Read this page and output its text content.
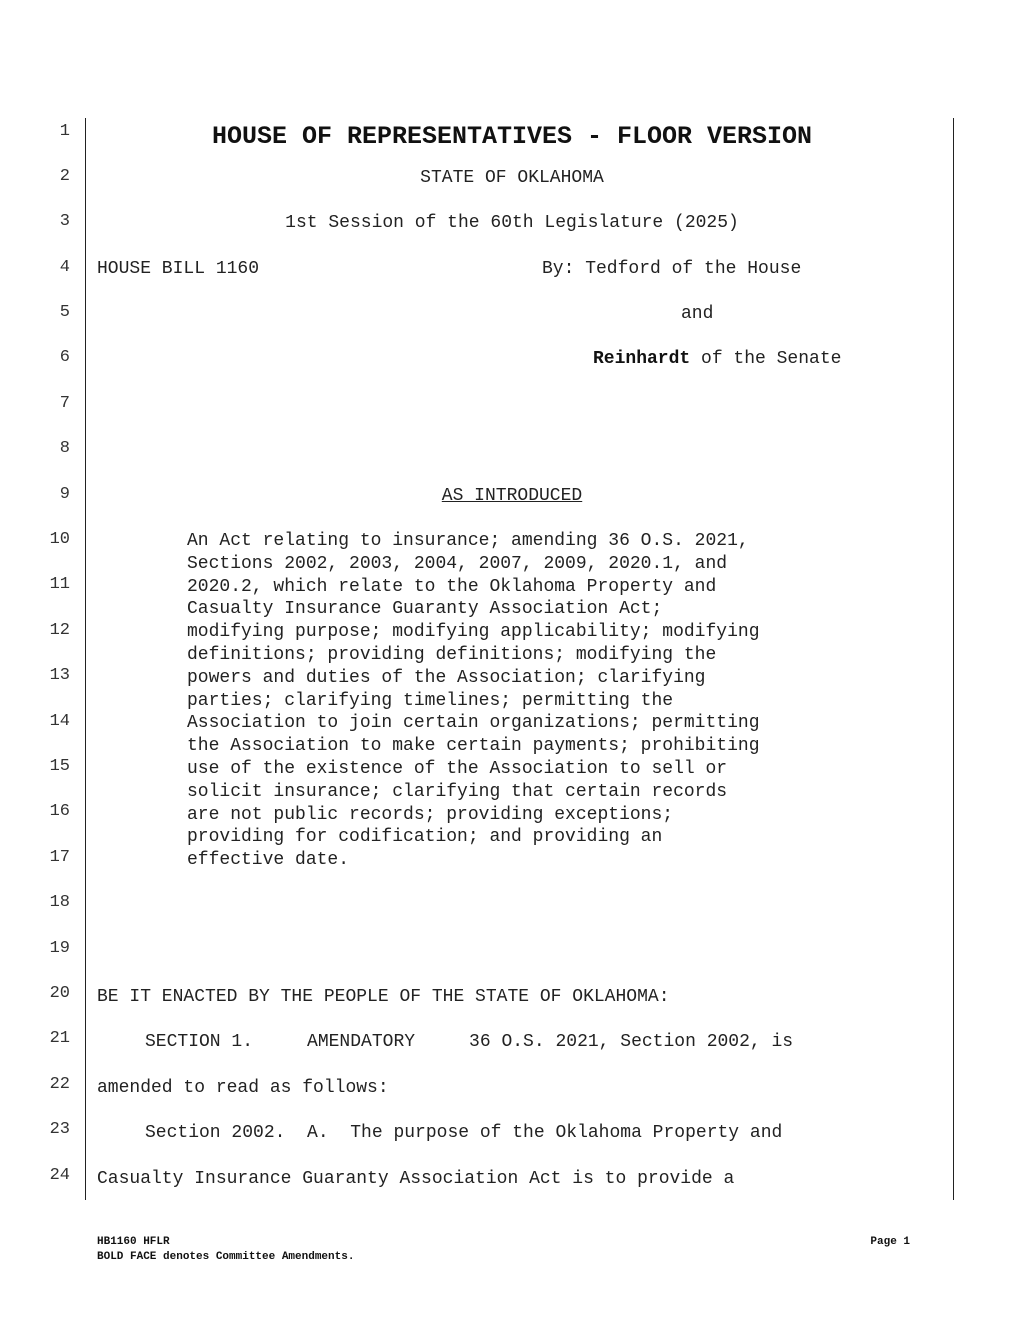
1
2
3
4
5
6
7
8
9
10
11
12
13
14
15
16
17
18
19
20
21
22
23
24
HOUSE OF REPRESENTATIVES - FLOOR VERSION
STATE OF OKLAHOMA
1st Session of the 60th Legislature (2025)
HOUSE BILL 1160	By: Tedford of the House
and
Reinhardt of the Senate
AS INTRODUCED
An Act relating to insurance; amending 36 O.S. 2021,
Sections 2002, 2003, 2004, 2007, 2009, 2020.1, and
2020.2, which relate to the Oklahoma Property and
Casualty Insurance Guaranty Association Act;
modifying purpose; modifying applicability; modifying
definitions; providing definitions; modifying the
powers and duties of the Association; clarifying
parties; clarifying timelines; permitting the
Association to join certain organizations; permitting
the Association to make certain payments; prohibiting
use of the existence of the Association to sell or
solicit insurance; clarifying that certain records
are not public records; providing exceptions;
providing for codification; and providing an
effective date.
BE IT ENACTED BY THE PEOPLE OF THE STATE OF OKLAHOMA:
SECTION 1.     AMENDATORY     36 O.S. 2021, Section 2002, is
amended to read as follows:
Section 2002.  A.  The purpose of the Oklahoma Property and
Casualty Insurance Guaranty Association Act is to provide a
HB1160 HFLR
BOLD FACE denotes Committee Amendments.
Page 1
